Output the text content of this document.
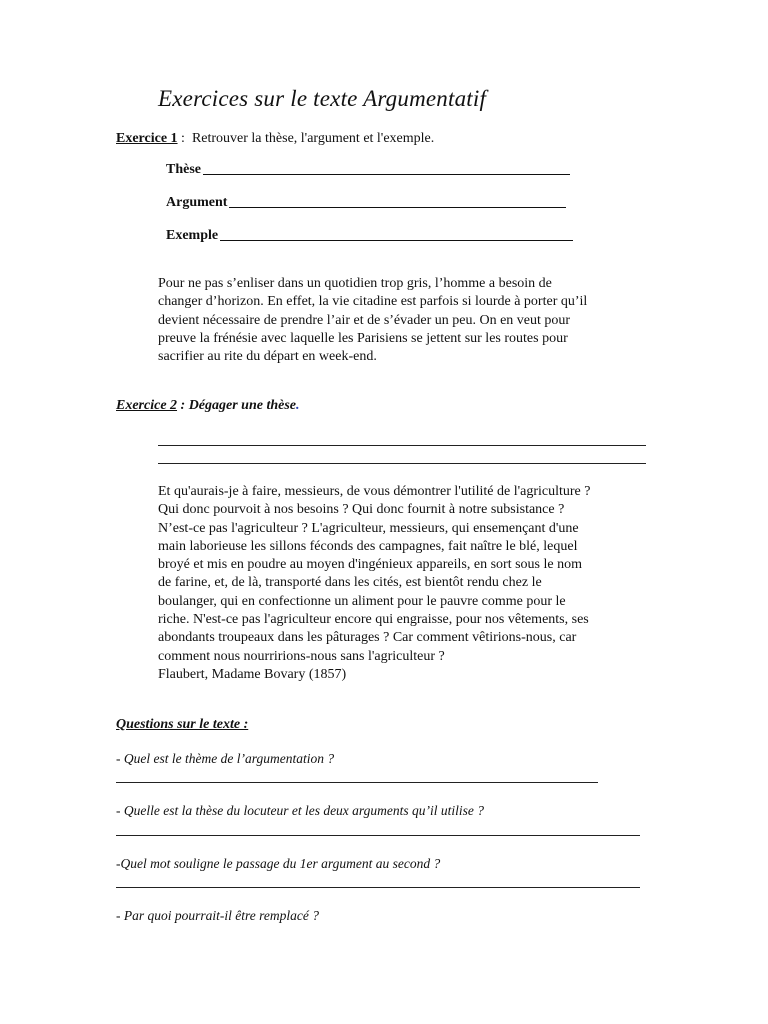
Exercices sur le texte Argumentatif
Exercice 1 : Retrouver la thèse, l'argument et l'exemple.
Thèse
Argument
Exemple
Pour ne pas s’enliser dans un quotidien trop gris, l’homme a besoin de
changer d’horizon. En effet, la vie citadine est parfois si lourde à porter qu’il
devient nécessaire de prendre l’air et de s’évader un peu. On en veut pour
preuve la frénésie avec laquelle les Parisiens se jettent sur les routes pour
sacrifier au rite du départ en week-end.
Exercice 2 : Dégager une thèse.
Et qu'aurais-je à faire, messieurs, de vous démontrer l'utilité de l'agriculture ?
Qui donc pourvoit à nos besoins ? Qui donc fournit à notre subsistance ?
N’est-ce pas l'agriculteur ? L'agriculteur, messieurs, qui ensemençant d'une
main laborieuse les sillons féconds des campagnes, fait naître le blé, lequel
broyé et mis en poudre au moyen d'ingénieux appareils, en sort sous le nom
de farine, et, de là, transporté dans les cités, est bientôt rendu chez le
boulanger, qui en confectionne un aliment pour le pauvre comme pour le
riche. N'est-ce pas l'agriculteur encore qui engraisse, pour nos vêtements, ses
abondants troupeaux dans les pâturages ? Car comment vêtirions-nous, car
comment nous nourririons-nous sans l'agriculteur ?
Flaubert, Madame Bovary (1857)
Questions sur le texte :
- Quel est le thème de l’argumentation ?
- Quelle est la thèse du locuteur et les deux arguments qu’il utilise ?
-Quel mot souligne le passage du 1er argument au second ?
- Par quoi pourrait-il être remplacé ?
